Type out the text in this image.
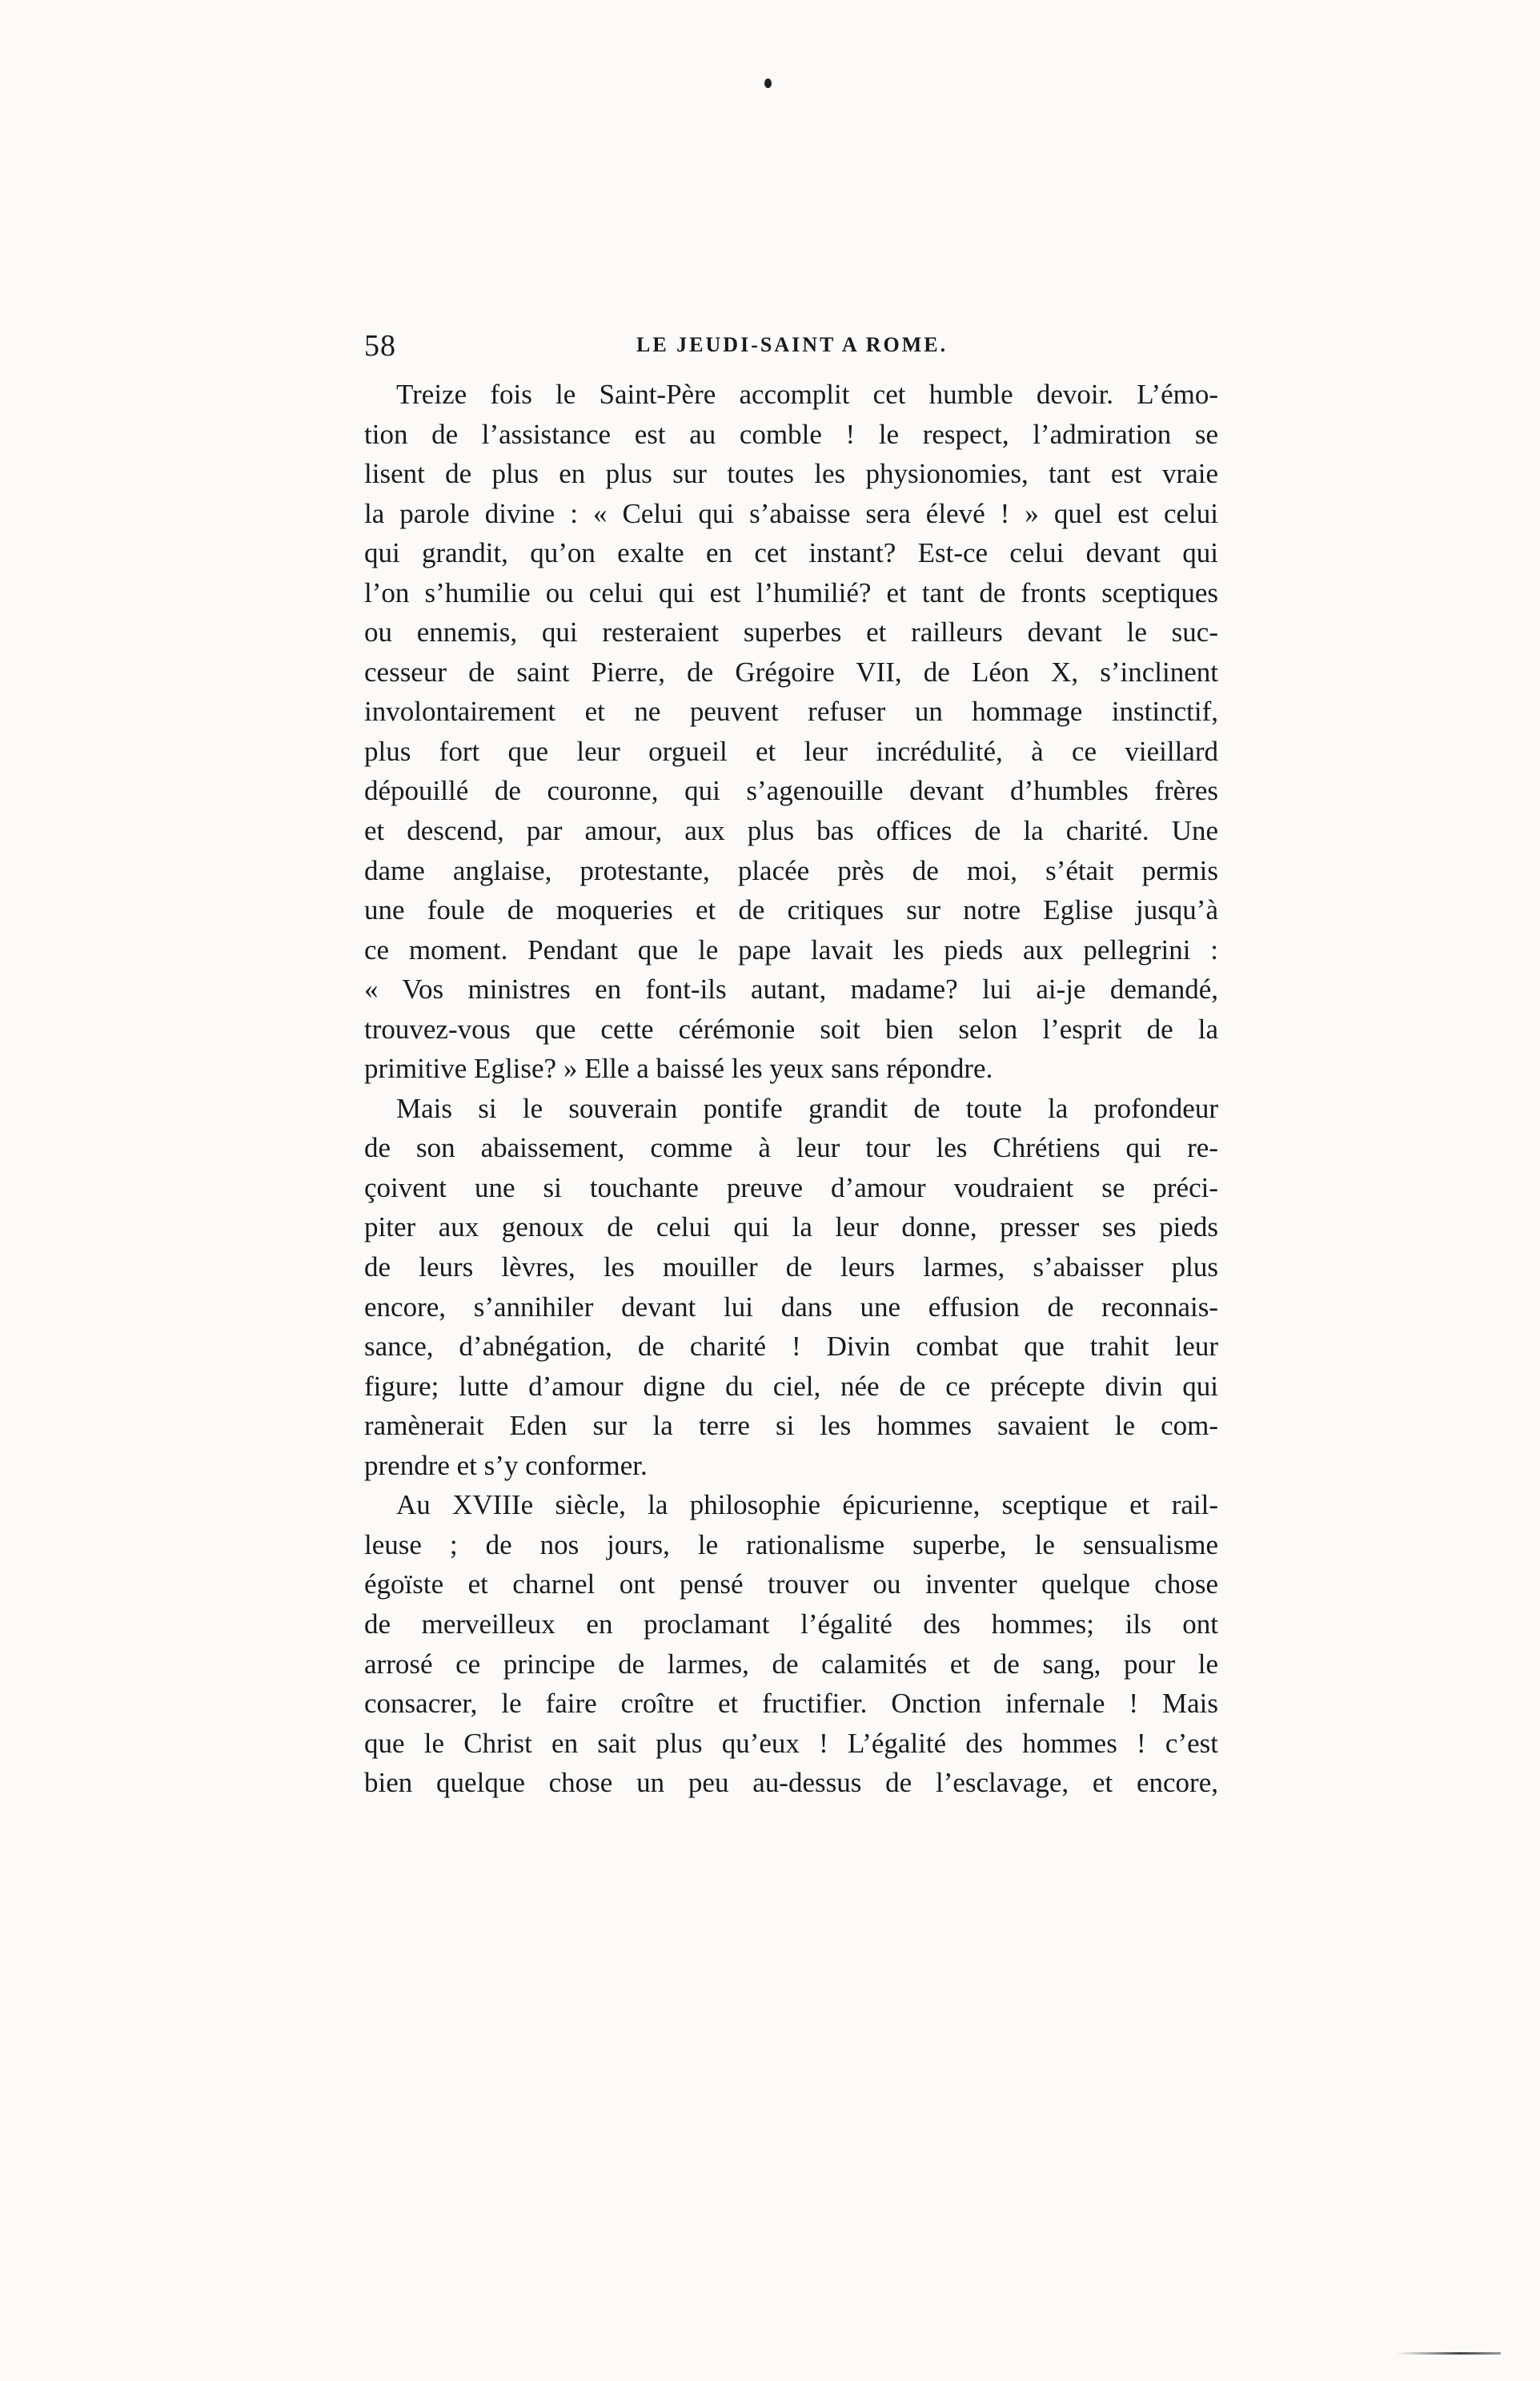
58	LE JEUDI-SAINT A ROME.
Treize fois le Saint-Père accomplit cet humble devoir. L’émo-
tion de l’assistance est au comble ! le respect, l’admiration se
lisent de plus en plus sur toutes les physionomies, tant est vraie
la parole divine : « Celui qui s’abaisse sera élevé ! » quel est celui
qui grandit, qu’on exalte en cet instant? Est-ce celui devant qui
l’on s’humilie ou celui qui est l’humilié? et tant de fronts sceptiques
ou ennemis, qui resteraient superbes et railleurs devant le suc-
cesseur de saint Pierre, de Grégoire VII, de Léon X, s’inclinent
involontairement et ne peuvent refuser un hommage instinctif,
plus fort que leur orgueil et leur incrédulité, à ce vieillard
dépouillé de couronne, qui s’agenouille devant d’humbles frères
et descend, par amour, aux plus bas offices de la charité. Une
dame anglaise, protestante, placée près de moi, s’était permis
une foule de moqueries et de critiques sur notre Eglise jusqu’à
ce moment. Pendant que le pape lavait les pieds aux pellegrini :
« Vos ministres en font-ils autant, madame? lui ai-je demandé,
trouvez-vous que cette cérémonie soit bien selon l’esprit de la
primitive Eglise? » Elle a baissé les yeux sans répondre.
Mais si le souverain pontife grandit de toute la profondeur
de son abaissement, comme à leur tour les Chrétiens qui re-
çoivent une si touchante preuve d’amour voudraient se préci-
piter aux genoux de celui qui la leur donne, presser ses pieds
de leurs lèvres, les mouiller de leurs larmes, s’abaisser plus
encore, s’annihiler devant lui dans une effusion de reconnais-
sance, d’abnégation, de charité ! Divin combat que trahit leur
figure; lutte d’amour digne du ciel, née de ce précepte divin qui
ramènerait Eden sur la terre si les hommes savaient le com-
prendre et s’y conformer.
Au XVIIIe siècle, la philosophie épicurienne, sceptique et rail-
leuse ; de nos jours, le rationalisme superbe, le sensualisme
égoïste et charnel ont pensé trouver ou inventer quelque chose
de merveilleux en proclamant l’égalité des hommes; ils ont
arrosé ce principe de larmes, de calamités et de sang, pour le
consacrer, le faire croître et fructifier. Onction infernale ! Mais
que le Christ en sait plus qu’eux ! L’égalité des hommes ! c’est
bien quelque chose un peu au-dessus de l’esclavage, et encore,
